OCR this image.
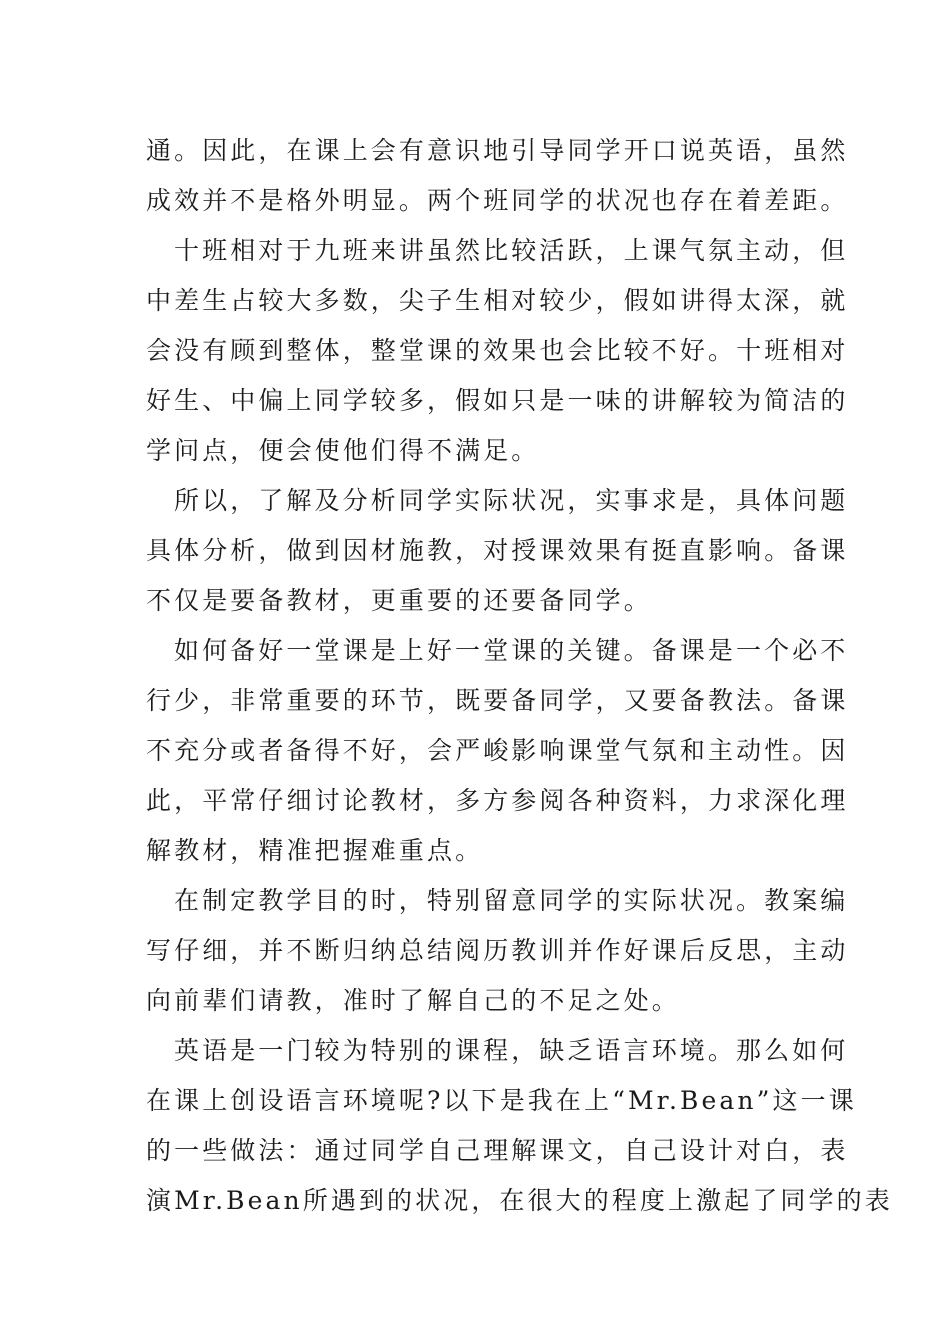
通。因此，在课上会有意识地引导同学开口说英语，虽然
成效并不是格外明显。两个班同学的状况也存在着差距。
十班相对于九班来讲虽然比较活跃，上课气氛主动，但
中差生占较大多数，尖子生相对较少，假如讲得太深，就
会没有顾到整体，整堂课的效果也会比较不好。十班相对
好生、中偏上同学较多，假如只是一味的讲解较为简洁的
学问点，便会使他们得不满足。
所以，了解及分析同学实际状况，实事求是，具体问题
具体分析，做到因材施教，对授课效果有挺直影响。备课
不仅是要备教材，更重要的还要备同学。
如何备好一堂课是上好一堂课的关键。备课是一个必不
行少，非常重要的环节，既要备同学，又要备教法。备课
不充分或者备得不好，会严峻影响课堂气氛和主动性。因
此，平常仔细讨论教材，多方参阅各种资料，力求深化理
解教材，精准把握难重点。
在制定教学目的时，特别留意同学的实际状况。教案编
写仔细，并不断归纳总结阅历教训并作好课后反思，主动
向前辈们请教，准时了解自己的不足之处。
英语是一门较为特别的课程，缺乏语言环境。那么如何
在课上创设语言环境呢?以下是我在上“Mr.Bean”这一课
的一些做法：通过同学自己理解课文，自己设计对白，表
演Mr.Bean所遇到的状况，在很大的程度上激起了同学的表
